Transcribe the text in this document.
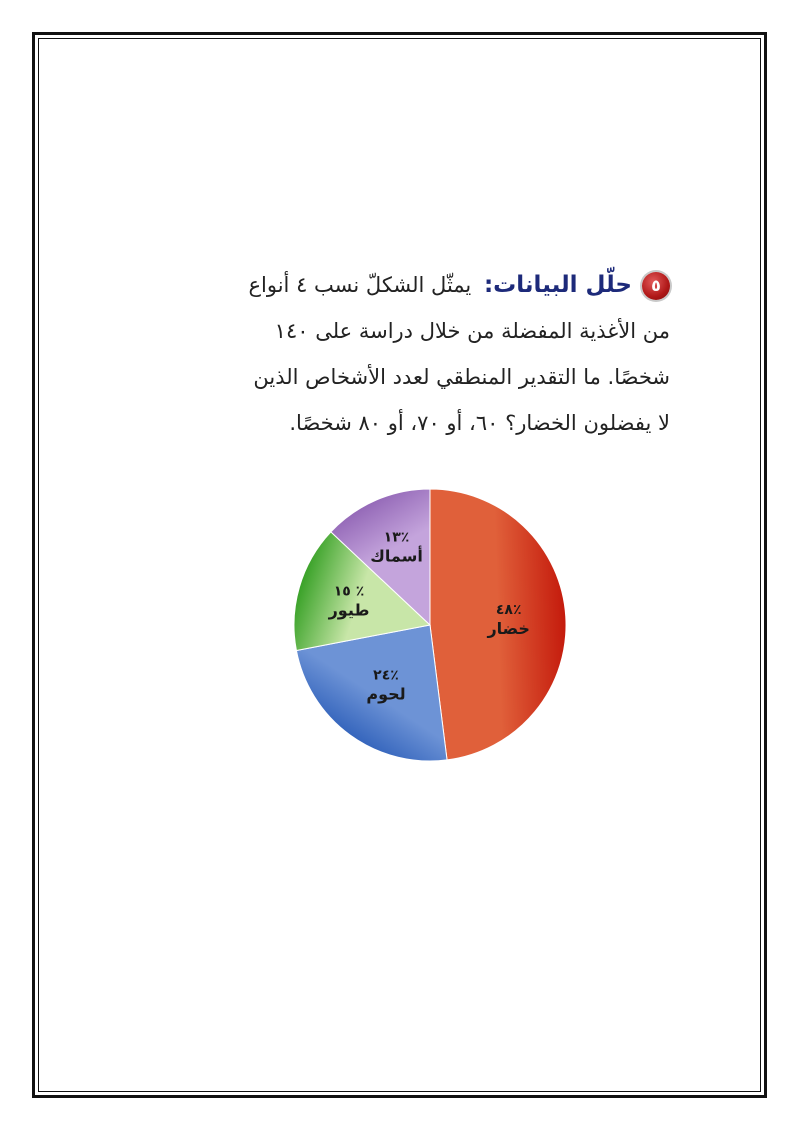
٥حلّل البيانات: يمثّل الشكلّ نسب ٤ أنواع
من الأغذية المفضلة من خلال دراسة على ١٤٠
شخصًا. ما التقدير المنطقي لعدد الأشخاص الذين
لا يفضلون الخضار؟ ٦٠، أو ٧٠، أو ٨٠ شخصًا.
٤٨٪
خضار
٢٤٪
لحوم
١٥ ٪
طيور
١٣٪
أسماك
